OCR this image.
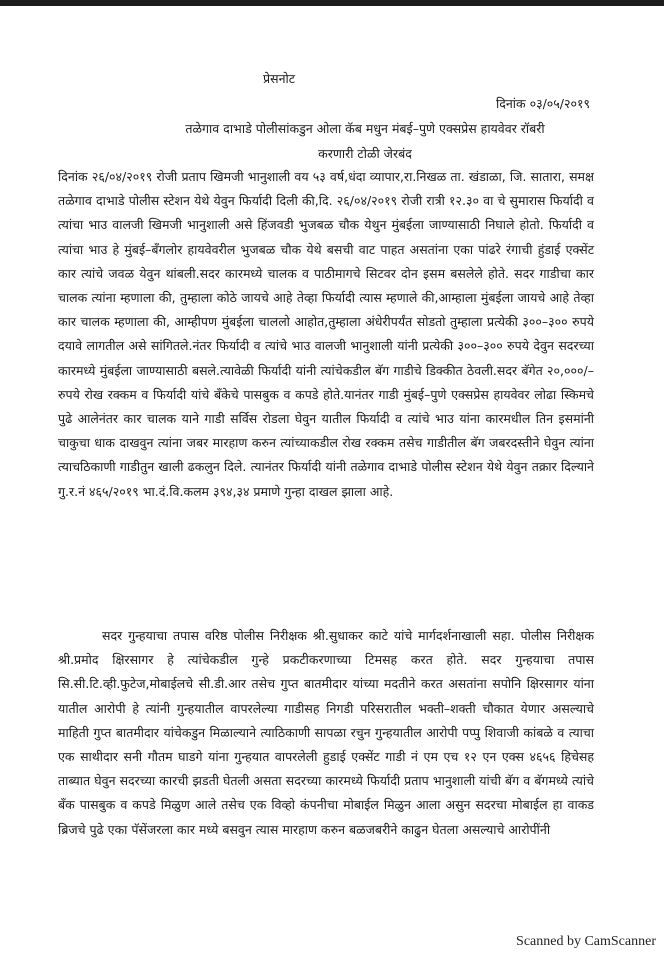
प्रेसनोट
दिनांक ०३/०५/२०१९
तळेगाव दाभाडे पोलीसांकडुन ओला कॅब मधुन मंबई–पुणे एक्सप्रेस हायवेवर रॉबरी
करणारी टोळी जेरबंद

दिनांक २६/०४/२०१९ रोजी प्रताप खिमजी भानुशाली वय ५३ वर्ष,धंदा व्यापार,रा.निखळ ता. खंडाळा, जि. सातारा, समक्ष तळेगाव दाभाडे पोलीस स्टेशन येथे येवुन फिर्यादी दिली की,दि. २६/०४/२०१९ रोजी रात्री १२.३० वा चे सुमारास फिर्यादी व त्यांचा भाउ वालजी खिमजी भानुशाली असे हिंजवडी भुजबळ चौक येथुन मुंबईला जाण्यासाठी निघाले होतो. फिर्यादी व त्यांचा भाउ हे मुंबई–बॅंगलोर हायवेवरील भुजबळ चौक येथे बसची वाट पाहत असतांना एका पांढरे रंगाची हुंडाई एक्सेंट कार त्यांचे जवळ येवुन थांबली.सदर कारमध्ये चालक व पाठीमागचे सिटवर दोन इसम बसलेले होते. सदर गाडीचा कार चालक त्यांना म्हणाला की, तुम्हाला कोठे जायचे आहे तेव्हा फिर्यादी त्यास म्हणाले की,आम्हाला मुंबईला जायचे आहे तेव्हा कार चालक म्हणाला की, आम्हीपण मुंबईला चाललो आहोत,तुम्हाला अंधेरीपर्यंत सोडतो तुम्हाला प्रत्येकी ३००–३०० रुपये दयावे लागतील असे सांगितले.नंतर फिर्यादी व त्यांचे भाउ वालजी भानुशाली यांनी प्रत्येकी ३००–३०० रुपये देवुन सदरच्या कारमध्ये मुंबईला जाण्यासाठी बसले.त्यावेळी फिर्यादी यांनी त्यांचेकडील बॅग गाडीचे डिक्कीत ठेवली.सदर बॅगेत २०,०००/–रुपये रोख रक्कम व फिर्यादी यांचे बॅंकेचे पासबुक व कपडे होते.यानंतर गाडी मुंबई–पुणे एक्सप्रेस हायवेवर लोढा स्किमचे पुढे आलेनंतर कार चालक याने गाडी सर्विस रोडला घेवुन यातील फिर्यादी व त्यांचे भाउ यांना कारमधील तिन इसमांनी चाकुचा धाक दाखवुन त्यांना जबर मारहाण करुन त्यांच्याकडील रोख रक्कम तसेच गाडीतील बॅग जबरदस्तीने घेवुन त्यांना त्याचठिकाणी गाडीतुन खाली ढकलुन दिले. त्यानंतर फिर्यादी यांनी तळेगाव दाभाडे पोलीस स्टेशन येथे येवुन तक्रार दिल्याने गु.र.नं ४६५/२०१९ भा.दं.वि.कलम ३९४,३४ प्रमाणे गुन्हा दाखल झाला आहे.

सदर गुन्हयाचा तपास वरिष्ठ पोलीस निरीक्षक श्री.सुधाकर काटे यांचे मार्गदर्शनाखाली सहा. पोलीस निरीक्षक श्री.प्रमोद क्षिरसागर हे त्यांचेकडील गुन्हे प्रकटीकरणाच्या टिमसह करत होते. सदर गुन्हयाचा तपास सि.सी.टि.व्ही.फुटेज,मोबाईलचे सी.डी.आर तसेच गुप्त बातमीदार यांच्या मदतीने करत असतांना सपोनि क्षिरसागर यांना यातील आरोपी हे त्यांनी गुन्हयातील वापरलेल्या गाडीसह निगडी परिसरातील भक्ती–शक्ती चौकात येणार असल्याचे माहिती गुप्त बातमीदार यांचेकडुन मिळाल्याने त्याठिकाणी सापळा रचुन गुन्हयातील आरोपी पप्पु शिवाजी कांबळे व त्याचा एक साथीदार सनी गौतम घाडगे यांना गुन्हयात वापरलेली हुडाई एक्सेंट गाडी नं एम एच १२ एन एक्स ४६५६ हिचेसह ताब्यात घेवुन सदरच्या कारची झडती घेतली असता सदरच्या कारमध्ये फिर्यादी प्रताप भानुशाली यांची बॅग व बॅगमध्ये त्यांचे बॅंक पासबुक व कपडे मिळुण आले तसेच एक विव्हो कंपनीचा मोबाईल मिळुन आला असुन सदरचा मोबाईल हा वाकड ब्रिजचे पुढे एका पॅसेंजरला कार मध्ये बसवुन त्यास मारहाण करुन बळजबरीने काढुन घेतला असल्याचे आरोपींनी

Scanned by CamScanner
